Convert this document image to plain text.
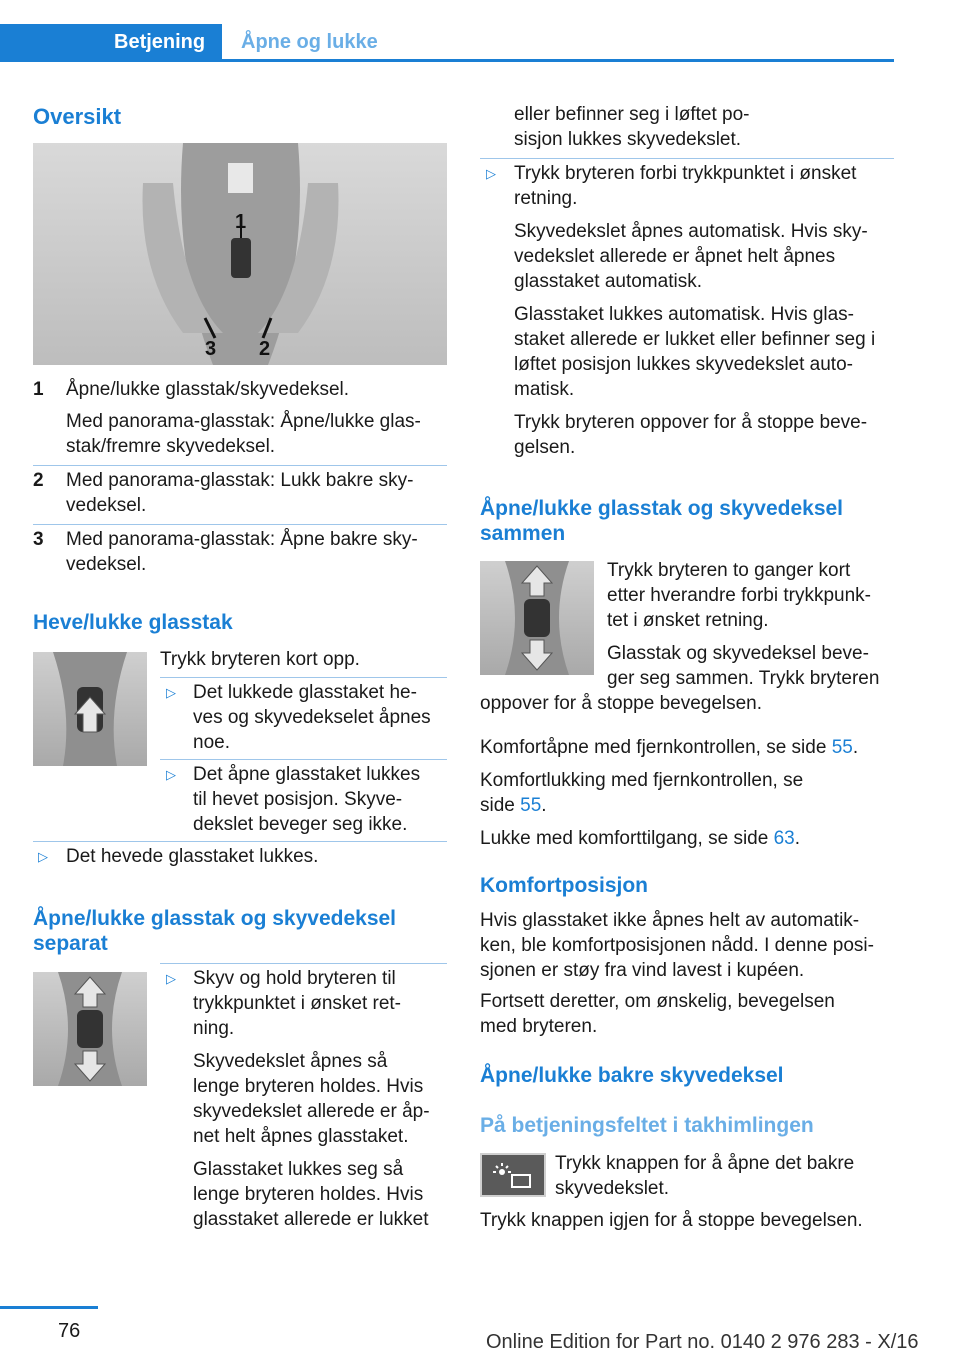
Betjening Åpne og lukke
Oversikt
1
3 2
1 Åpne/lukke glasstak/skyvedeksel.
Med panorama-glasstak: Åpne/lukke glas-
stak/fremre skyvedeksel.
2 Med panorama-glasstak: Lukk bakre sky-
vedeksel.
3 Med panorama-glasstak: Åpne bakre sky-
vedeksel.
Heve/lukke glasstak
Trykk bryteren kort opp.
▷ Det lukkede glasstaket he-
ves og skyvedekselet åpnes
noe.
▷ Det åpne glasstaket lukkes
til hevet posisjon. Skyve-
dekslet beveger seg ikke.
▷ Det hevede glasstaket lukkes.
Åpne/lukke glasstak og skyvedeksel
separat
▷ Skyv og hold bryteren til
trykkpunktet i ønsket ret-
ning.
Skyvedekslet åpnes så
lenge bryteren holdes. Hvis
skyvedekslet allerede er åp-
net helt åpnes glasstaket.
Glasstaket lukkes seg så
lenge bryteren holdes. Hvis
glasstaket allerede er lukket
eller befinner seg i løftet po-
sisjon lukkes skyvedekslet.
▷ Trykk bryteren forbi trykkpunktet i ønsket
retning.
Skyvedekslet åpnes automatisk. Hvis sky-
vedekslet allerede er åpnet helt åpnes
glasstaket automatisk.
Glasstaket lukkes automatisk. Hvis glas-
staket allerede er lukket eller befinner seg i
løftet posisjon lukkes skyvedekslet auto-
matisk.
Trykk bryteren oppover for å stoppe beve-
gelsen.
Åpne/lukke glasstak og skyvedeksel
sammen
Trykk bryteren to ganger kort
etter hverandre forbi trykkpunk-
tet i ønsket retning.
Glasstak og skyvedeksel beve-
ger seg sammen. Trykk bryteren
oppover for å stoppe bevegelsen.
Komfortåpne med fjernkontrollen, se side 55.
Komfortlukking med fjernkontrollen, se
side 55.
Lukke med komforttilgang, se side 63.
Komfortposisjon
Hvis glasstaket ikke åpnes helt av automatik-
ken, ble komfortposisjonen nådd. I denne posi-
sjonen er støy fra vind lavest i kupéen.
Fortsett deretter, om ønskelig, bevegelsen
med bryteren.
Åpne/lukke bakre skyvedeksel
På betjeningsfeltet i takhimlingen
Trykk knappen for å åpne det bakre
skyvedekslet.
Trykk knappen igjen for å stoppe bevegelsen.
76	Online Edition for Part no. 0140 2 976 283 - X/16
